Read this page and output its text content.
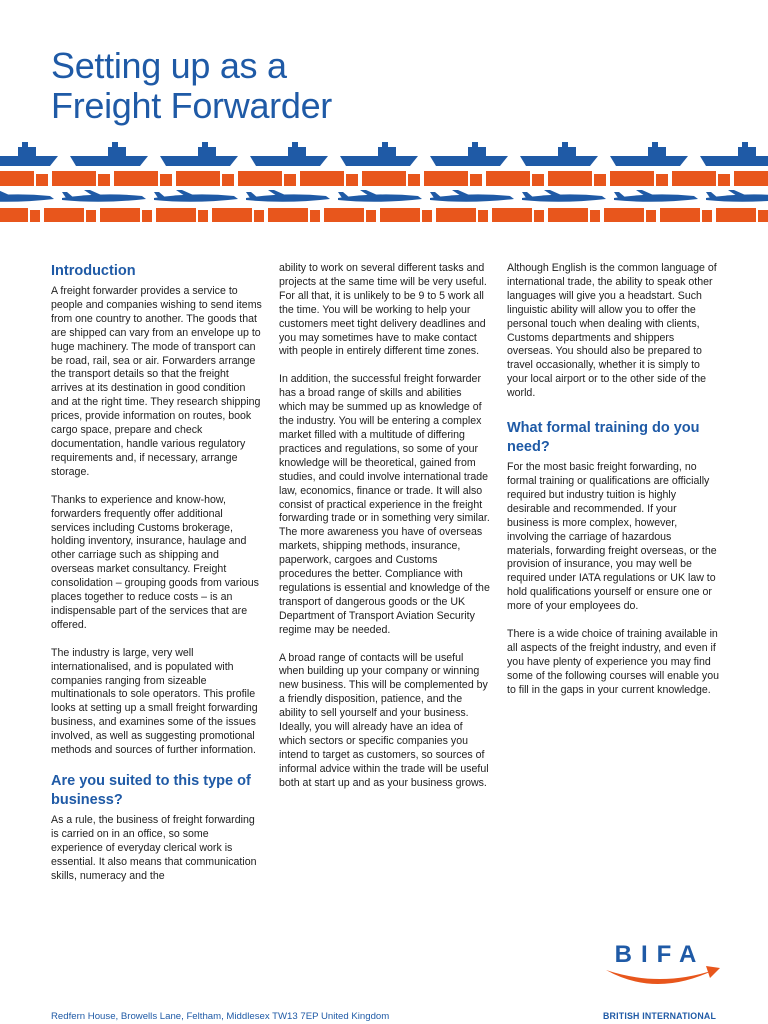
Setting up as a
Freight Forwarder
Introduction

A freight forwarder provides a service to people and companies wishing to send items from one country to another. The goods that are shipped can vary from an envelope up to huge machinery. The mode of transport can be road, rail, sea or air. Forwarders arrange the transport details so that the freight arrives at its destination in good condition and at the right time. They research shipping prices, provide information on routes, book cargo space, prepare and check documentation, handle various regulatory requirements and, if necessary, arrange storage.

Thanks to experience and know-how, forwarders frequently offer additional services including Customs brokerage, holding inventory, insurance, haulage and other carriage such as shipping and overseas market consultancy. Freight consolidation – grouping goods from various places together to reduce costs – is an indispensable part of the services that are offered.

The industry is large, very well internationalised, and is populated with companies ranging from sizeable multinationals to sole operators. This profile looks at setting up a small freight forwarding business, and examines some of the issues involved, as well as suggesting promotional methods and sources of further information.

Are you suited to this type of business?

As a rule, the business of freight forwarding is carried on in an office, so some experience of everyday clerical work is essential. It also means that communication skills, numeracy and the

ability to work on several different tasks and projects at the same time will be very useful. For all that, it is unlikely to be 9 to 5 work all the time. You will be working to help your customers meet tight delivery deadlines and you may sometimes have to make contact with people in entirely different time zones.

In addition, the successful freight forwarder has a broad range of skills and abilities which may be summed up as knowledge of the industry. You will be entering a complex market filled with a multitude of differing practices and regulations, so some of your knowledge will be theoretical, gained from studies, and could involve international trade law, economics, finance or trade. It will also consist of practical experience in the freight forwarding trade or in something very similar. The more awareness you have of overseas markets, shipping methods, insurance, paperwork, cargoes and Customs procedures the better. Compliance with regulations is essential and knowledge of the transport of dangerous goods or the UK Department of Transport Aviation Security regime may be needed.

A broad range of contacts will be useful when building up your company or winning new business. This will be complemented by a friendly disposition, patience, and the ability to sell yourself and your business. Ideally, you will already have an idea of which sectors or specific companies you intend to target as customers, so sources of informal advice within the trade will be useful both at start up and as your business grows.

Although English is the common language of international trade, the ability to speak other languages will give you a headstart. Such linguistic ability will allow you to offer the personal touch when dealing with clients, Customs departments and shippers overseas. You should also be prepared to travel occasionally, whether it is simply to your local airport or to the other side of the world.

What formal training do you need?

For the most basic freight forwarding, no formal training or qualifications are officially required but industry tuition is highly desirable and recommended. If your business is more complex, however, involving the carriage of hazardous materials, forwarding freight overseas, or the provision of insurance, you may well be required under IATA regulations or UK law to hold qualifications yourself or ensure one or more of your employees do.

There is a wide choice of training available in all aspects of the freight industry, and even if you have plenty of experience you may find some of the following courses will enable you to fill in the gaps in your current knowledge.

Redfern House, Browells Lane, Feltham, Middlesex TW13 7EP United Kingdom
BIFA
BRITISH INTERNATIONAL
